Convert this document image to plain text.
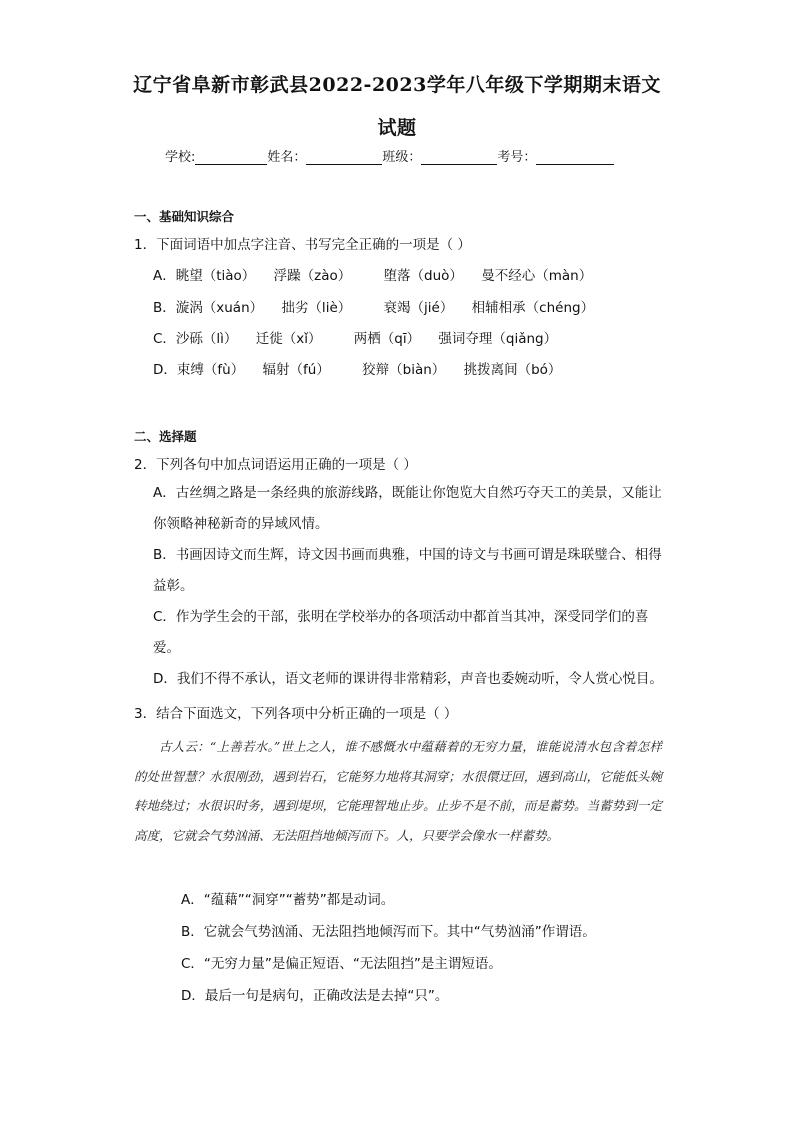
辽宁省阜新市彰武县2022-2023学年八年级下学期期末语文
试题
学校:	姓名：	班级：	考号：
一、基础知识综合
1．下面词语中加点字注音、书写完全正确的一项是（ ）
A．眺望（tiào） 浮躁（zào） 堕落（duò） 曼不经心（màn）
B．漩涡（xuán） 拙劣（liè） 衰竭（jié） 相辅相承（chéng）
C．沙砾（lì） 迁徙（xǐ） 两栖（qī） 强词夺理（qiǎng）
D．束缚（fù） 辐射（fú） 狡辩（biàn） 挑拨离间（bó）
二、选择题
2．下列各句中加点词语运用正确的一项是（ ）
A．古丝绸之路是一条经典的旅游线路，既能让你饱览大自然巧夺天工的美景，又能让你领略神秘新奇的异域风情。
B．书画因诗文而生辉，诗文因书画而典雅，中国的诗文与书画可谓是珠联璧合、相得益彰。
C．作为学生会的干部，张明在学校举办的各项活动中都首当其冲，深受同学们的喜爱。
D．我们不得不承认，语文老师的课讲得非常精彩，声音也委婉动听，令人赏心悦目。
3．结合下面选文，下列各项中分析正确的一项是（ ）
古人云：“上善若水。”世上之人，谁不感慨水中蕴藉着的无穷力量，谁能说清水包含着怎样的处世智慧？水很刚劲，遇到岩石，它能努力地将其洞穿；水很儇迂回，遇到高山，它能低头婉转地绕过；水很识时务，遇到堤坝，它能理智地止步。止步不是不前，而是蓄势。当蓄势到一定高度，它就会气势汹涌、无法阻挡地倾泻而下。人，只要学会像水一样蓄势。
A．“蕴藉”“洞穿”“蓄势”都是动词。
B．它就会气势汹涌、无法阻挡地倾泻而下。其中“气势汹涌”作谓语。
C．“无穷力量”是偏正短语、“无法阻挡”是主谓短语。
D．最后一句是病句，正确改法是去掉“只”。
